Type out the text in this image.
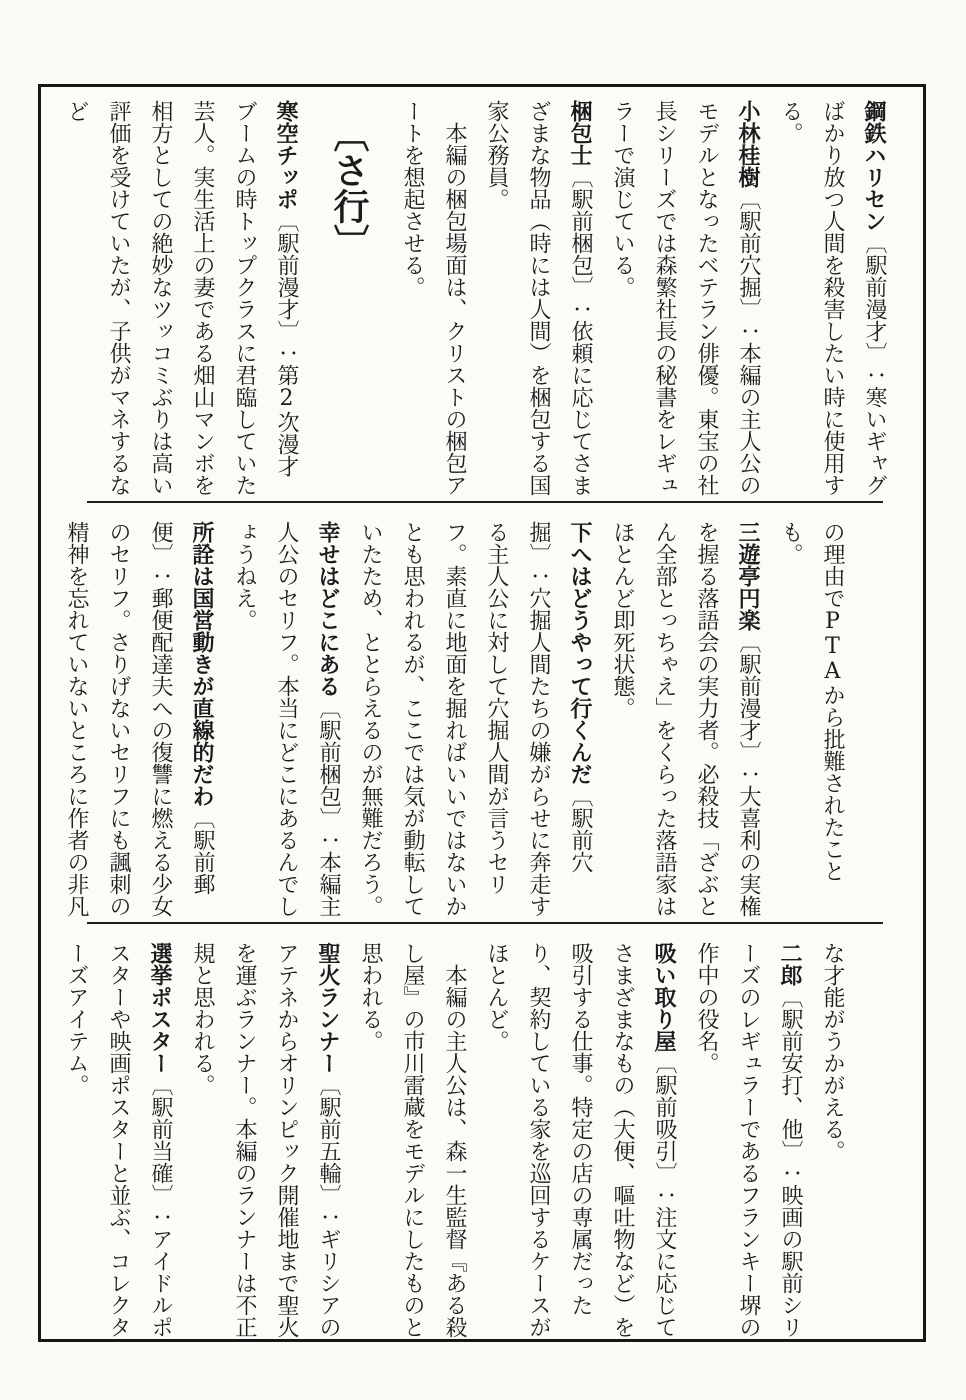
鋼鉄ハリセン〔駅前漫才〕：寒いギャグばかり放つ人間を殺害したい時に使用する。

小林桂樹〔駅前穴掘〕：本編の主人公のモデルとなったベテラン俳優。東宝の社長シリーズでは森繁社長の秘書をレギュラーで演じている。

梱包士〔駅前梱包〕：依頼に応じてさまざまな物品（時には人間）を梱包する国家公務員。

本編の梱包場面は、クリストの梱包アートを想起させる。

〔さ行〕

寒空チッポ〔駅前漫才〕：第2次漫才ブームの時トップクラスに君臨していた芸人。実生活上の妻である畑山マンボを相方としての絶妙なツッコミぶりは高い評価を受けていたが、子供がマネするなど

の理由でPTAから批難されたことも。

三遊亭円楽〔駅前漫才〕：大喜利の実権を握る落語会の実力者。必殺技「ざぶとん全部とっちゃえ」をくらった落語家はほとんど即死状態。

下へはどうやって行くんだ〔駅前穴掘〕：穴掘人間たちの嫌がらせに奔走する主人公に対して穴掘人間が言うセリフ。素直に地面を掘ればいいではないかとも思われるが、ここでは気が動転していたため、ととらえるのが無難だろう。

幸せはどこにある〔駅前梱包〕：本編主人公のセリフ。本当にどこにあるんでしょうねえ。

所詮は国営動きが直線的だわ〔駅前郵便〕：郵便配達夫への復讐に燃える少女のセリフ。さりげないセリフにも諷刺の精神を忘れていないところに作者の非凡

な才能がうかがえる。

二郎〔駅前安打、他〕：映画の駅前シリーズのレギュラーであるフランキー堺の作中の役名。

吸い取り屋〔駅前吸引〕：注文に応じてさまざまなもの（大便、嘔吐物など）を吸引する仕事。特定の店の専属だったり、契約している家を巡回するケースがほとんど。

本編の主人公は、森一生監督『ある殺し屋』の市川雷蔵をモデルにしたものと思われる。

聖火ランナー〔駅前五輪〕：ギリシアのアテネからオリンピック開催地まで聖火を運ぶランナー。本編のランナーは不正規と思われる。

選挙ポスター〔駅前当確〕：アイドルポスターや映画ポスターと並ぶ、コレクターズアイテム。
